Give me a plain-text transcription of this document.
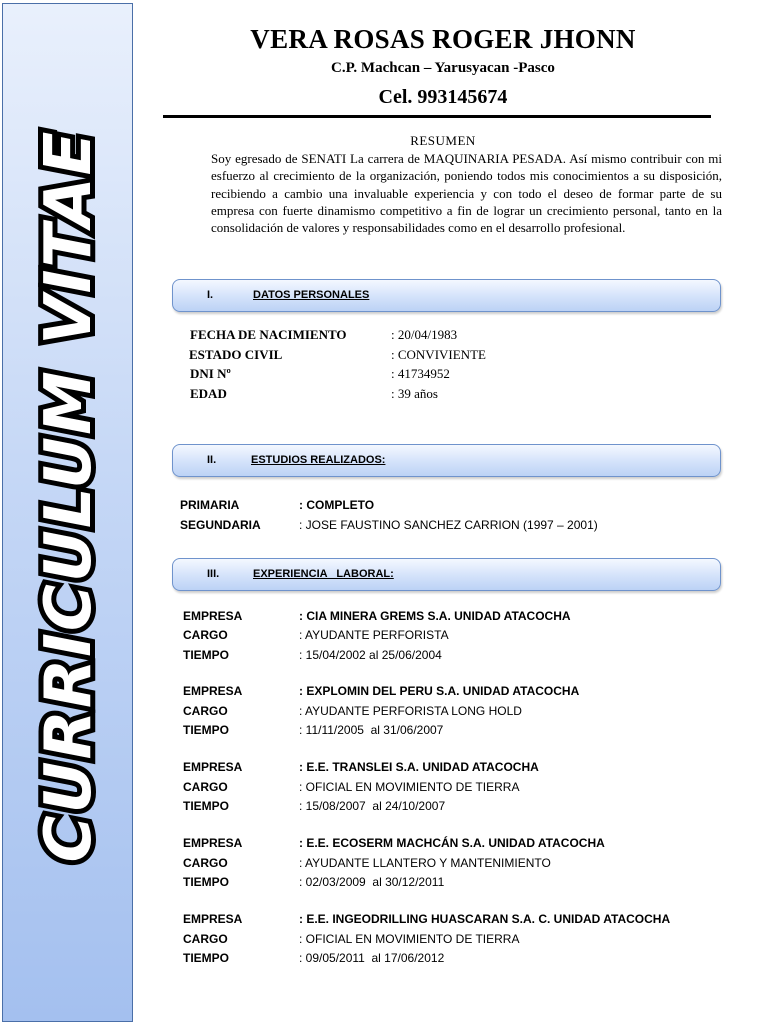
CURRICULUM VITAE
VERA ROSAS ROGER JHONN
C.P. Machcan – Yarusyacan -Pasco
Cel. 993145674
RESUMEN
Soy egresado de SENATI La carrera de MAQUINARIA PESADA. Así mismo contribuir con mi esfuerzo al crecimiento de la organización, poniendo todos mis conocimientos a su disposición, recibiendo a cambio una invaluable experiencia y con todo el deseo de formar parte de su empresa con fuerte dinamismo competitivo a fin de lograr un crecimiento personal, tanto en la consolidación de valores y responsabilidades como en el desarrollo profesional.
I.	DATOS PERSONALES
FECHA DE NACIMIENTO	: 20/04/1983
ESTADO CIVIL	: CONVIVIENTE
DNI Nº	: 41734952
EDAD	: 39 años
II.	ESTUDIOS REALIZADOS:
PRIMARIA	: COMPLETO
SEGUNDARIA	: JOSE FAUSTINO SANCHEZ CARRION (1997 – 2001)
III.	EXPERIENCIA   LABORAL:
EMPRESA	: CIA MINERA GREMS S.A. UNIDAD ATACOCHA
CARGO	: AYUDANTE PERFORISTA
TIEMPO	: 15/04/2002 al 25/06/2004
EMPRESA	: EXPLOMIN DEL PERU S.A. UNIDAD ATACOCHA
CARGO	: AYUDANTE PERFORISTA LONG HOLD
TIEMPO	: 11/11/2005  al 31/06/2007
EMPRESA	: E.E. TRANSLEI S.A. UNIDAD ATACOCHA
CARGO	: OFICIAL EN MOVIMIENTO DE TIERRA
TIEMPO	: 15/08/2007  al 24/10/2007
EMPRESA	: E.E. ECOSERM MACHCÁN S.A. UNIDAD ATACOCHA
CARGO	: AYUDANTE LLANTERO Y MANTENIMIENTO
TIEMPO	: 02/03/2009  al 30/12/2011
EMPRESA	: E.E. INGEODRILLING HUASCARAN S.A. C. UNIDAD ATACOCHA
CARGO	: OFICIAL EN MOVIMIENTO DE TIERRA
TIEMPO	: 09/05/2011  al 17/06/2012
